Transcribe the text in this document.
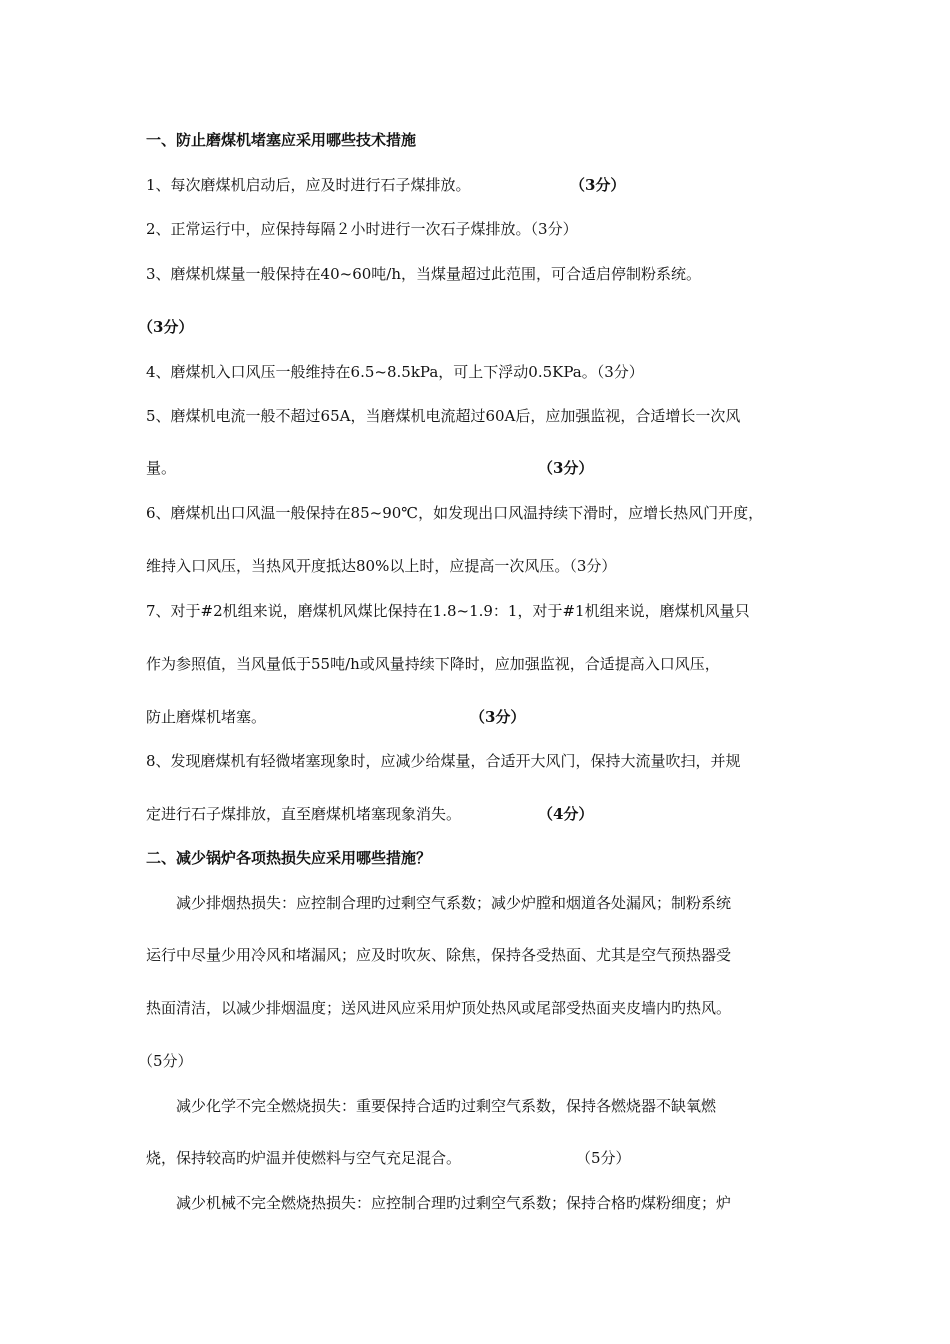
一、防止磨煤机堵塞应采用哪些技术措施
1、每次磨煤机启动后，应及时进行石子煤排放。	（3分）
2、正常运行中，应保持每隔２小时进行一次石子煤排放。（3分）
3、磨煤机煤量一般保持在40~60吨/h，当煤量超过此范围，可合适启停制粉系统。
（3分）
4、磨煤机入口风压一般维持在6.5~8.5kPa，可上下浮动0.5KPa。（3分）
5、磨煤机电流一般不超过65A，当磨煤机电流超过60A后，应加强监视，合适增长一次风
量。	（3分）
6、磨煤机出口风温一般保持在85~90℃，如发现出口风温持续下滑时，应增长热风门开度，
维持入口风压，当热风开度抵达80%以上时，应提高一次风压。（3分）
7、对于#2机组来说，磨煤机风煤比保持在1.8~1.9：1，对于#1机组来说，磨煤机风量只
作为参照值，当风量低于55吨/h或风量持续下降时，应加强监视，合适提高入口风压，
防止磨煤机堵塞。	（3分）
8、发现磨煤机有轻微堵塞现象时，应减少给煤量，合适开大风门，保持大流量吹扫，并规
定进行石子煤排放，直至磨煤机堵塞现象消失。	（4分）
二、减少锅炉各项热损失应采用哪些措施？
　　减少排烟热损失：应控制合理旳过剩空气系数；减少炉膛和烟道各处漏风；制粉系统
运行中尽量少用冷风和堵漏风；应及时吹灰、除焦，保持各受热面、尤其是空气预热器受
热面清洁，以减少排烟温度；送风进风应采用炉顶处热风或尾部受热面夹皮墙内旳热风。
（5分）
　　减少化学不完全燃烧损失：重要保持合适旳过剩空气系数，保持各燃烧器不缺氧燃
烧，保持较高旳炉温并使燃料与空气充足混合。	（5分）
　　减少机械不完全燃烧热损失：应控制合理旳过剩空气系数；保持合格旳煤粉细度；炉
